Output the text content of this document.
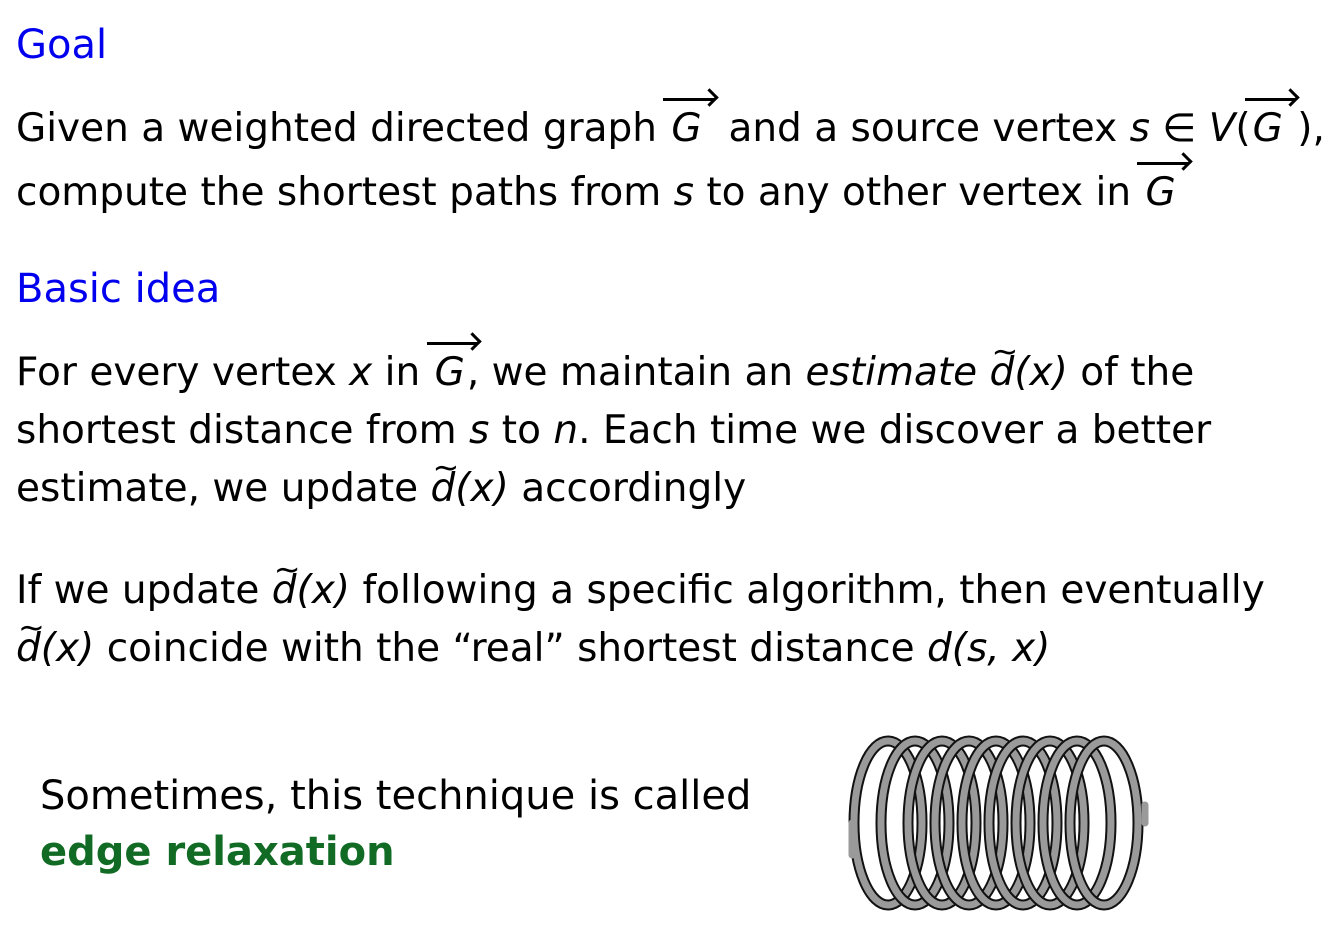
Goal

Given a weighted directed graph G and a source vertex s ∈ V(G ),

compute the shortest paths from s to any other vertex in G

Basic idea

For every vertex x in G, we maintain an estimate ~ d(x) of the

shortest distance from s to n. Each time we discover a better

estimate, we update ~ d(x) accordingly

If we update ~ d(x) following a specific algorithm, then eventually

~ d(x) coincide with the “real” shortest distance d(s, x)

Sometimes, this technique is called
edge relaxation
